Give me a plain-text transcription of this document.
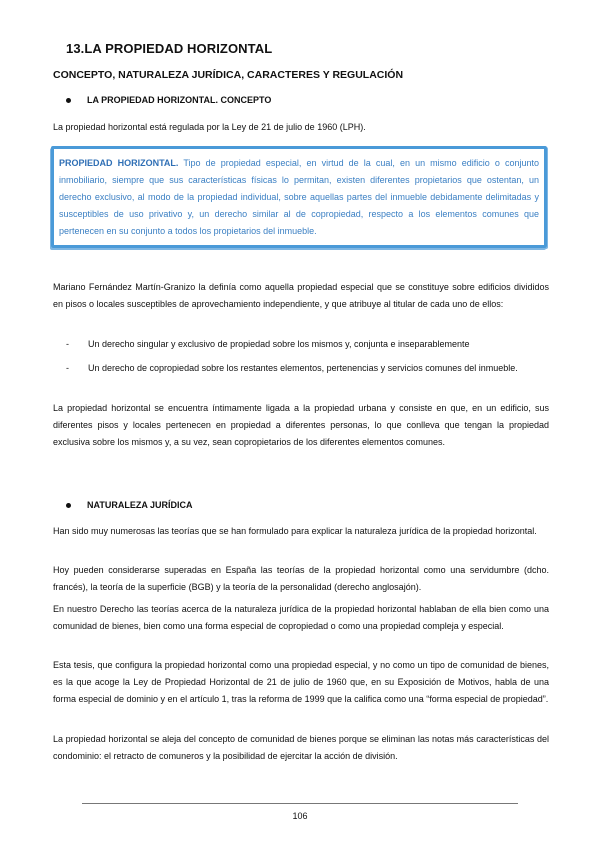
13.LA PROPIEDAD HORIZONTAL
CONCEPTO, NATURALEZA JURÍDICA, CARACTERES Y REGULACIÓN
LA PROPIEDAD HORIZONTAL. CONCEPTO

La propiedad horizontal está regulada por la Ley de 21 de julio de 1960 (LPH).

PROPIEDAD HORIZONTAL. Tipo de propiedad especial, en virtud de la cual, en un mismo edificio o conjunto inmobiliario, siempre que sus características físicas lo permitan, existen diferentes propietarios que ostentan, un derecho exclusivo, al modo de la propiedad individual, sobre aquellas partes del inmueble debidamente delimitadas y susceptibles de uso privativo y, un derecho similar al de copropiedad, respecto a los elementos comunes que pertenecen en su conjunto a todos los propietarios del inmueble.

Mariano Fernández Martín-Granizo la definía como aquella propiedad especial que se constituye sobre edificios divididos en pisos o locales susceptibles de aprovechamiento independiente, y que atribuye al titular de cada uno de ellos:

-	Un derecho singular y exclusivo de propiedad sobre los mismos y, conjunta e inseparablemente
-	Un derecho de copropiedad sobre los restantes elementos, pertenencias y servicios comunes del inmueble.

La propiedad horizontal se encuentra íntimamente ligada a la propiedad urbana y consiste en que, en un edificio, sus diferentes pisos y locales pertenecen en propiedad a diferentes personas, lo que conlleva que tengan la propiedad exclusiva sobre los mismos y, a su vez, sean copropietarios de los diferentes elementos comunes.

NATURALEZA JURÍDICA

Han sido muy numerosas las teorías que se han formulado para explicar la naturaleza jurídica de la propiedad horizontal.

Hoy pueden considerarse superadas en España las teorías de la propiedad horizontal como una servidumbre (dcho. francés), la teoría de la superficie (BGB) y la teoría de la personalidad (derecho anglosajón).

En nuestro Derecho las teorías acerca de la naturaleza jurídica de la propiedad horizontal hablaban de ella bien como una comunidad de bienes, bien como una forma especial de copropiedad o como una propiedad compleja y especial.

Esta tesis, que configura la propiedad horizontal como una propiedad especial, y no como un tipo de comunidad de bienes, es la que acoge la Ley de Propiedad Horizontal de 21 de julio de 1960 que, en su Exposición de Motivos, habla de una forma especial de dominio y en el artículo 1, tras la reforma de 1999 que la califica como una “forma especial de propiedad”.

La propiedad horizontal se aleja del concepto de comunidad de bienes porque se eliminan las notas más características del condominio: el retracto de comuneros y la posibilidad de ejercitar la acción de división.

106
